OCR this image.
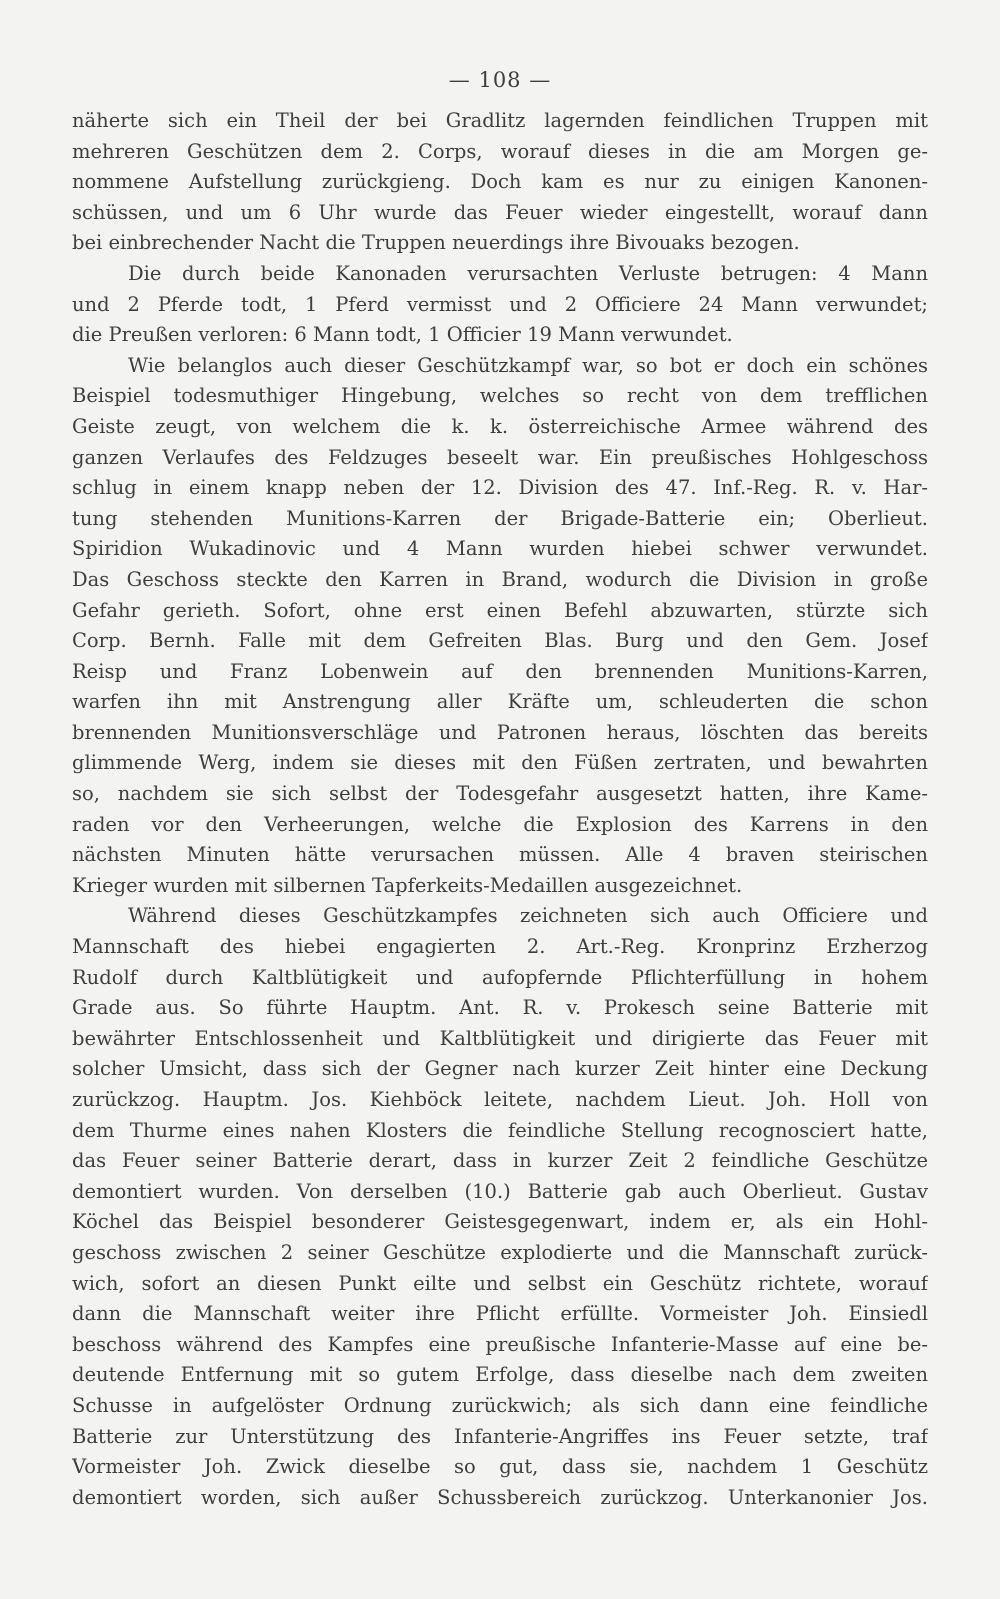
— 108 —
näherte sich ein Theil der bei Gradlitz lagernden feindlichen Truppen mit
mehreren Geschützen dem 2. Corps, worauf dieses in die am Morgen ge-
nommene Aufstellung zurückgieng. Doch kam es nur zu einigen Kanonen-
schüssen, und um 6 Uhr wurde das Feuer wieder eingestellt, worauf dann
bei einbrechender Nacht die Truppen neuerdings ihre Bivouaks bezogen.
Die durch beide Kanonaden verursachten Verluste betrugen: 4 Mann
und 2 Pferde todt, 1 Pferd vermisst und 2 Officiere 24 Mann verwundet;
die Preußen verloren: 6 Mann todt, 1 Officier 19 Mann verwundet.
Wie belanglos auch dieser Geschützkampf war, so bot er doch ein schönes
Beispiel todesmuthiger Hingebung, welches so recht von dem trefflichen
Geiste zeugt, von welchem die k. k. österreichische Armee während des
ganzen Verlaufes des Feldzuges beseelt war. Ein preußisches Hohlgeschoss
schlug in einem knapp neben der 12. Division des 47. Inf.-Reg. R. v. Har-
tung stehenden Munitions-Karren der Brigade-Batterie ein; Oberlieut.
Spiridion Wukadinovic und 4 Mann wurden hiebei schwer verwundet.
Das Geschoss steckte den Karren in Brand, wodurch die Division in große
Gefahr gerieth. Sofort, ohne erst einen Befehl abzuwarten, stürzte sich
Corp. Bernh. Falle mit dem Gefreiten Blas. Burg und den Gem. Josef
Reisp und Franz Lobenwein auf den brennenden Munitions-Karren,
warfen ihn mit Anstrengung aller Kräfte um, schleuderten die schon
brennenden Munitionsverschläge und Patronen heraus, löschten das bereits
glimmende Werg, indem sie dieses mit den Füßen zertraten, und bewahrten
so, nachdem sie sich selbst der Todesgefahr ausgesetzt hatten, ihre Kame-
raden vor den Verheerungen, welche die Explosion des Karrens in den
nächsten Minuten hätte verursachen müssen. Alle 4 braven steirischen
Krieger wurden mit silbernen Tapferkeits-Medaillen ausgezeichnet.
Während dieses Geschützkampfes zeichneten sich auch Officiere und
Mannschaft des hiebei engagierten 2. Art.-Reg. Kronprinz Erzherzog
Rudolf durch Kaltblütigkeit und aufopfernde Pflichterfüllung in hohem
Grade aus. So führte Hauptm. Ant. R. v. Prokesch seine Batterie mit
bewährter Entschlossenheit und Kaltblütigkeit und dirigierte das Feuer mit
solcher Umsicht, dass sich der Gegner nach kurzer Zeit hinter eine Deckung
zurückzog. Hauptm. Jos. Kiehböck leitete, nachdem Lieut. Joh. Holl von
dem Thurme eines nahen Klosters die feindliche Stellung recognosciert hatte,
das Feuer seiner Batterie derart, dass in kurzer Zeit 2 feindliche Geschütze
demontiert wurden. Von derselben (10.) Batterie gab auch Oberlieut. Gustav
Köchel das Beispiel besonderer Geistesgegenwart, indem er, als ein Hohl-
geschoss zwischen 2 seiner Geschütze explodierte und die Mannschaft zurück-
wich, sofort an diesen Punkt eilte und selbst ein Geschütz richtete, worauf
dann die Mannschaft weiter ihre Pflicht erfüllte. Vormeister Joh. Einsiedl
beschoss während des Kampfes eine preußische Infanterie-Masse auf eine be-
deutende Entfernung mit so gutem Erfolge, dass dieselbe nach dem zweiten
Schusse in aufgelöster Ordnung zurückwich; als sich dann eine feindliche
Batterie zur Unterstützung des Infanterie-Angriffes ins Feuer setzte, traf
Vormeister Joh. Zwick dieselbe so gut, dass sie, nachdem 1 Geschütz
demontiert worden, sich außer Schussbereich zurückzog. Unterkanonier Jos.
